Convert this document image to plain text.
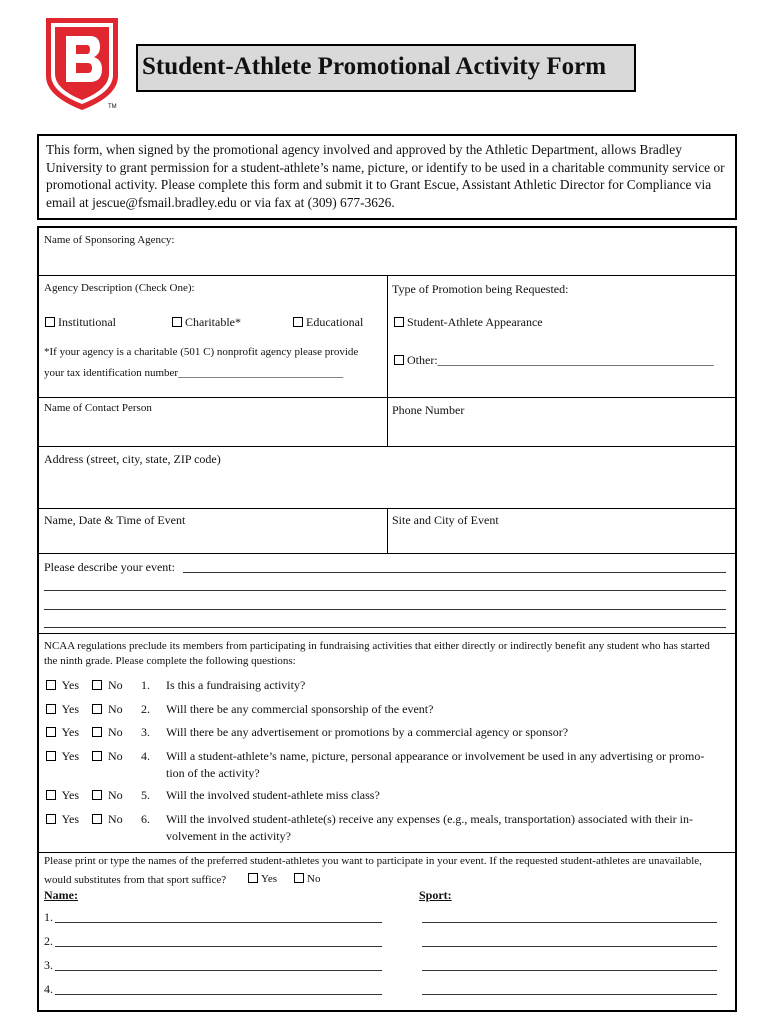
TM
Student-Athlete Promotional Activity Form
This form, when signed by the promotional agency involved and approved by the Athletic Department, allows Bradley University to grant permission for a student-athlete’s name, picture, or identify to be used in a charitable community service or promotional activity. Please complete this form and submit it to Grant Escue, Assistant Athletic Director for Compliance via email at jescue@fsmail.bradley.edu or via fax at (309) 677-3626.
Name of Sponsoring Agency:
Agency Description (Check One):	Type of Promotion being Requested:
Institutional	Charitable*	Educational	Student-Athlete Appearance
*If your agency is a charitable (501 C) nonprofit agency please provide
your tax identification number______________________________
Other:______________________________________________
Name of Contact Person	Phone Number
Address (street, city, state, ZIP code)
Name, Date & Time of Event	Site and City of Event
Please describe your event:
NCAA regulations preclude its members from participating in fundraising activities that either directly or indirectly benefit any student who has started
the ninth grade. Please complete the following questions:
Yes	No 1. Is this a fundraising activity?
Yes	No 2. Will there be any commercial sponsorship of the event?
Yes	No 3. Will there be any advertisement or promotions by a commercial agency or sponsor?
Yes	No 4. Will a student-athlete’s name, picture, personal appearance or involvement be used in any advertising or promo-
tion of the activity?
Yes	No 5. Will the involved student-athlete miss class?
Yes	No 6. Will the involved student-athlete(s) receive any expenses (e.g., meals, transportation) associated with their in-
volvement in the activity?
Please print or type the names of the preferred student-athletes you want to participate in your event. If the requested student-athletes are unavailable,
would substitutes from that sport suffice?	Yes	No
Name:	Sport:
1.
2.
3.
4.
